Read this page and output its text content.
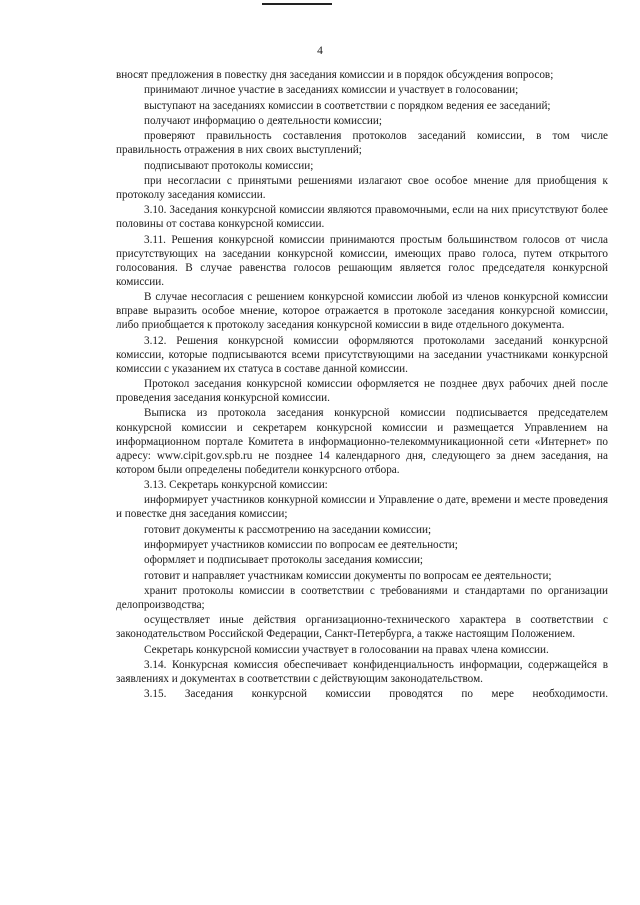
4

вносят предложения в повестку дня заседания комиссии и в порядок обсуждения вопросов;

принимают личное участие в заседаниях комиссии и участвует в голосовании;

выступают на заседаниях комиссии в соответствии с порядком ведения ее заседаний;

получают информацию о деятельности комиссии;

проверяют правильность составления протоколов заседаний комиссии, в том числе правильность отражения в них своих выступлений;

подписывают протоколы комиссии;

при несогласии с принятыми решениями излагают свое особое мнение для приобщения к протоколу заседания комиссии.

3.10. Заседания конкурсной комиссии являются правомочными, если на них присутствуют более половины от состава конкурсной комиссии.

3.11. Решения конкурсной комиссии принимаются простым большинством голосов от числа присутствующих на заседании конкурсной комиссии, имеющих право голоса, путем открытого голосования. В случае равенства голосов решающим является голос председателя конкурсной комиссии.

В случае несогласия с решением конкурсной комиссии любой из членов конкурсной комиссии вправе выразить особое мнение, которое отражается в протоколе заседания конкурсной комиссии, либо приобщается к протоколу заседания конкурсной комиссии в виде отдельного документа.

3.12. Решения конкурсной комиссии оформляются протоколами заседаний конкурсной комиссии, которые подписываются всеми присутствующими на заседании участниками конкурсной комиссии с указанием их статуса в составе данной комиссии.

Протокол заседания конкурсной комиссии оформляется не позднее двух рабочих дней после проведения заседания конкурсной комиссии.

Выписка из протокола заседания конкурсной комиссии подписывается председателем конкурсной комиссии и секретарем конкурсной комиссии и размещается Управлением на информационном портале Комитета в информационно-телекоммуникационной сети «Интернет» по адресу: www.cipit.gov.spb.ru не позднее 14 календарного дня, следующего за днем заседания, на котором были определены победители конкурсного отбора.

3.13. Секретарь конкурсной комиссии:

информирует участников конкурной комиссии и Управление о дате, времени и месте проведения и повестке дня заседания комиссии;

готовит документы к рассмотрению на заседании комиссии;

информирует участников комиссии по вопросам ее деятельности;

оформляет и подписывает протоколы заседания комиссии;

готовит и направляет участникам комиссии документы по вопросам ее деятельности;

хранит протоколы комиссии в соответствии с требованиями и стандартами по организации делопроизводства;

осуществляет иные действия организационно-технического характера в соответствии с законодательством Российской Федерации, Санкт-Петербурга, а также настоящим Положением.

Секретарь конкурсной комиссии участвует в голосовании на правах члена комиссии.

3.14. Конкурсная комиссия обеспечивает конфиденциальность информации, содержащейся в заявлениях и документах в соответствии с действующим законодательством.

3.15. Заседания конкурсной комиссии проводятся по мере необходимости.
